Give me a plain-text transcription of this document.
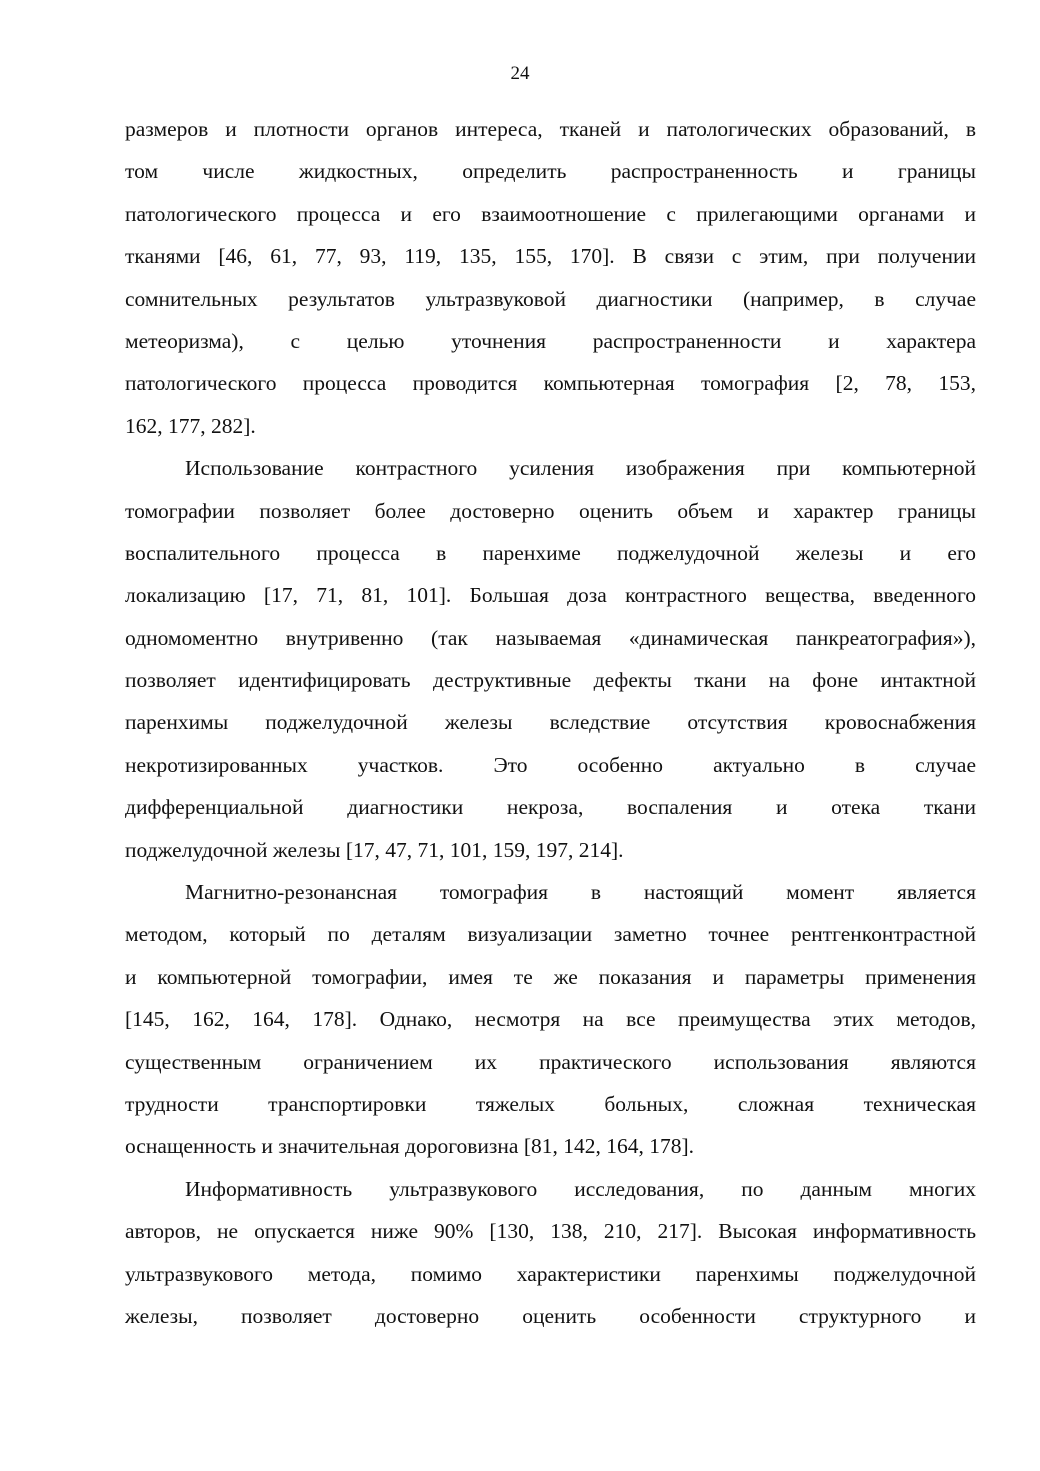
24
размеров и плотности органов интереса, тканей и патологических образований, в
том числе жидкостных, определить распространенность и границы
патологического процесса и его взаимоотношение с прилегающими органами и
тканями [46, 61, 77, 93, 119, 135, 155, 170]. В связи с этим, при получении
сомнительных результатов ультразвуковой диагностики (например, в случае
метеоризма), с целью уточнения распространенности и характера
патологического процесса проводится компьютерная томография [2, 78, 153,
162, 177, 282].
Использование контрастного усиления изображения при компьютерной
томографии позволяет более достоверно оценить объем и характер границы
воспалительного процесса в паренхиме поджелудочной железы и его
локализацию [17, 71, 81, 101]. Большая доза контрастного вещества, введенного
одномоментно внутривенно (так называемая «динамическая панкреатография»),
позволяет идентифицировать деструктивные дефекты ткани на фоне интактной
паренхимы поджелудочной железы вследствие отсутствия кровоснабжения
некротизированных участков. Это особенно актуально в случае
дифференциальной диагностики некроза, воспаления и отека ткани
поджелудочной железы [17, 47, 71, 101, 159, 197, 214].
Магнитно-резонансная томография в настоящий момент является
методом, который по деталям визуализации заметно точнее рентгенконтрастной
и компьютерной томографии, имея те же показания и параметры применения
[145, 162, 164, 178]. Однако, несмотря на все преимущества этих методов,
существенным ограничением их практического использования являются
трудности транспортировки тяжелых больных, сложная техническая
оснащенность и значительная дороговизна [81, 142, 164, 178].
Информативность ультразвукового исследования, по данным многих
авторов, не опускается ниже 90% [130, 138, 210, 217]. Высокая информативность
ультразвукового метода, помимо характеристики паренхимы поджелудочной
железы, позволяет достоверно оценить особенности структурного и
